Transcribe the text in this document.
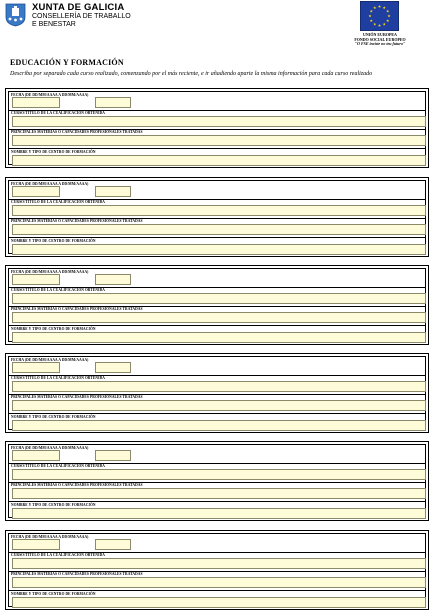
XUNTA DE GALICIA
CONSELLERÍA DE TRABALLO
E BENESTAR
UNIÓN EUROPEA
FONDO SOCIAL EUROPEO
"O FSE inviste no teu futuro"
EDUCACIÓN Y FORMACIÓN
Describa por separado cada curso realizado, comenzando por el más reciente, e ir añadiendo aparte la misma información para cada curso realizado
FECHA (DE DD/MM/AAAA A DD/MM/AAAA)
CURSO/TÍTULO DE LA CUALIFICACIÓN OBTENIDA
PRINCIPALES MATERIAS O CAPACIDADES PROFESIONALES TRATADAS
NOMBRE Y TIPO DE CENTRO DE FORMACIÓN
FECHA (DE DD/MM/AAAA A DD/MM/AAAA)
CURSO/TÍTULO DE LA CUALIFICACIÓN OBTENIDA
PRINCIPALES MATERIAS O CAPACIDADES PROFESIONALES TRATADAS
NOMBRE Y TIPO DE CENTRO DE FORMACIÓN
FECHA (DE DD/MM/AAAA A DD/MM/AAAA)
CURSO/TÍTULO DE LA CUALIFICACIÓN OBTENIDA
PRINCIPALES MATERIAS O CAPACIDADES PROFESIONALES TRATADAS
NOMBRE Y TIPO DE CENTRO DE FORMACIÓN
FECHA (DE DD/MM/AAAA A DD/MM/AAAA)
CURSO/TÍTULO DE LA CUALIFICACIÓN OBTENIDA
PRINCIPALES MATERIAS O CAPACIDADES PROFESIONALES TRATADAS
NOMBRE Y TIPO DE CENTRO DE FORMACIÓN
FECHA (DE DD/MM/AAAA A DD/MM/AAAA)
CURSO/TÍTULO DE LA CUALIFICACIÓN OBTENIDA
PRINCIPALES MATERIAS O CAPACIDADES PROFESIONALES TRATADAS
NOMBRE Y TIPO DE CENTRO DE FORMACIÓN
FECHA (DE DD/MM/AAAA A DD/MM/AAAA)
CURSO/TÍTULO DE LA CUALIFICACIÓN OBTENIDA
PRINCIPALES MATERIAS O CAPACIDADES PROFESIONALES TRATADAS
NOMBRE Y TIPO DE CENTRO DE FORMACIÓN
